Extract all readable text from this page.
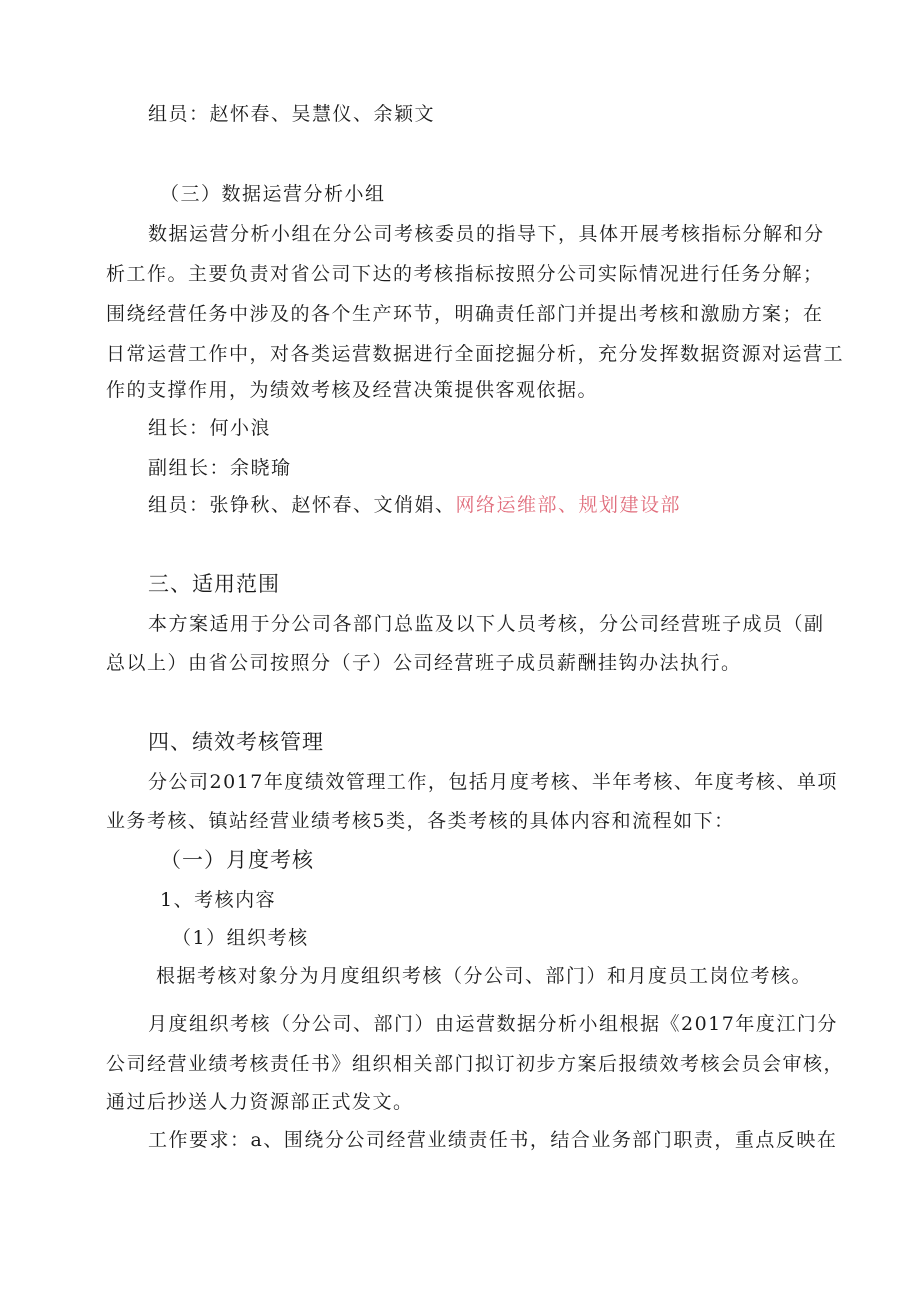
组员：赵怀春、吴慧仪、余颖文
（三）数据运营分析小组
数据运营分析小组在分公司考核委员的指导下，具体开展考核指标分解和分
析工作。主要负责对省公司下达的考核指标按照分公司实际情况进行任务分解；
围绕经营任务中涉及的各个生产环节，明确责任部门并提出考核和激励方案；在
日常运营工作中，对各类运营数据进行全面挖掘分析，充分发挥数据资源对运营工
作的支撑作用，为绩效考核及经营决策提供客观依据。
组长：何小浪
副组长：余晓瑜
组员：张铮秋、赵怀春、文俏娟、网络运维部、规划建设部
三、适用范围
本方案适用于分公司各部门总监及以下人员考核，分公司经营班子成员（副
总以上）由省公司按照分（子）公司经营班子成员薪酬挂钩办法执行。
四、绩效考核管理
分公司2017年度绩效管理工作，包括月度考核、半年考核、年度考核、单项
业务考核、镇站经营业绩考核5类，各类考核的具体内容和流程如下：
（一）月度考核
1、考核内容
（1）组织考核
根据考核对象分为月度组织考核（分公司、部门）和月度员工岗位考核。
月度组织考核（分公司、部门）由运营数据分析小组根据《2017年度江门分
公司经营业绩考核责任书》组织相关部门拟订初步方案后报绩效考核会员会审核，
通过后抄送人力资源部正式发文。
工作要求：a、围绕分公司经营业绩责任书，结合业务部门职责，重点反映在
